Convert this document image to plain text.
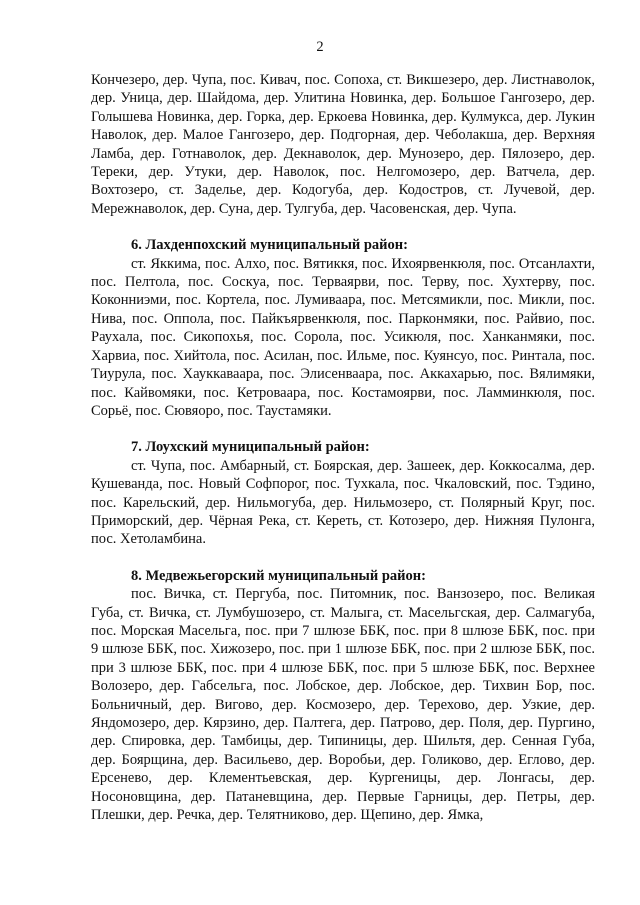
2

Кончезеро, дер. Чупа, пос. Кивач, пос. Сопоха, ст. Викшезеро, дер. Листнаволок, дер. Уница, дер. Шайдома, дер. Улитина Новинка, дер. Большое Гангозеро, дер. Голышева Новинка, дер. Горка, дер. Еркоева Новинка, дер. Кулмукса, дер. Лукин Наволок, дер. Малое Гангозеро, дер. Подгорная, дер. Чеболакша, дер. Верхняя Ламба, дер. Готнаволок, дер. Декнаволок, дер. Мунозеро, дер. Пялозеро, дер. Тереки, дер. Утуки, дер. Наволок, пос. Нелгомозеро, дер. Ватчела, дер. Вохтозеро, ст. Заделье, дер. Кодогуба, дер. Кодостров, ст. Лучевой, дер. Мережнаволок, дер. Суна, дер. Тулгуба, дер. Часовенская, дер. Чупа.

6. Лахденпохский муниципальный район:

ст. Яккима, пос. Алхо, пос. Вятиккя, пос. Ихоярвенкюля, пос. Отсанлахти, пос. Пелтола, пос. Соскуа, пос. Терваярви, пос. Терву, пос. Хухтерву, пос. Коконниэми, пос. Кортела, пос. Лумиваара, пос. Метсямикли, пос. Микли, пос. Нива, пос. Оппола, пос. Пайкъярвенкюля, пос. Парконмяки, пос. Райвио, пос. Раухала, пос. Сикопохья, пос. Сорола, пос. Усикюля, пос. Ханканмяки, пос. Харвиа, пос. Хийтола, пос. Асилан, пос. Ильме, пос. Куянсуо, пос. Ринтала, пос. Тиурула, пос. Хауккаваара, пос. Элисенваара, пос. Аккахарью, пос. Вялимяки, пос. Кайвомяки, пос. Кетроваара, пос. Костамоярви, пос. Ламминкюля, пос. Сорьё, пос. Сювяоро, пос. Таустамяки.

7. Лоухский муниципальный район:

ст. Чупа, пос. Амбарный, ст. Боярская, дер. Зашеек, дер. Коккосалма, дер. Кушеванда, пос. Новый Софпорог, пос. Тухкала, пос. Чкаловский, пос. Тэдино, пос. Карельский, дер. Нильмогуба, дер. Нильмозеро, ст. Полярный Круг, пос. Приморский, дер. Чёрная Река, ст. Кереть, ст. Котозеро, дер. Нижняя Пулонга, пос. Хетоламбина.

8. Медвежьегорский муниципальный район:

пос. Вичка, ст. Пергуба, пос. Питомник, пос. Ванзозеро, пос. Великая Губа, ст. Вичка, ст. Лумбушозеро, ст. Малыга, ст. Масельгская, дер. Салмагуба, пос. Морская Масельга, пос. при 7 шлюзе ББК, пос. при 8 шлюзе ББК, пос. при 9 шлюзе ББК, пос. Хижозеро, пос. при 1 шлюзе ББК, пос. при 2 шлюзе ББК, пос. при 3 шлюзе ББК, пос. при 4 шлюзе ББК, пос. при 5 шлюзе ББК, пос. Верхнее Волозеро, дер. Габсельга, пос. Лобское, дер. Лобское, дер. Тихвин Бор, пос. Больничный, дер. Вигово, дер. Космозеро, дер. Терехово, дер. Узкие, дер. Яндомозеро, дер. Кярзино, дер. Палтега, дер. Патрово, дер. Поля, дер. Пургино, дер. Спировка, дер. Тамбицы, дер. Типиницы, дер. Шильтя, дер. Сенная Губа, дер. Боярщина, дер. Васильево, дер. Воробьи, дер. Голиково, дер. Еглово, дер. Ерсенево, дер. Клементьевская, дер. Кургеницы, дер. Лонгасы, дер. Носоновщина, дер. Патаневщина, дер. Первые Гарницы, дер. Петры, дер. Плешки, дер. Речка, дер. Телятниково, дер. Щепино, дер. Ямка,
